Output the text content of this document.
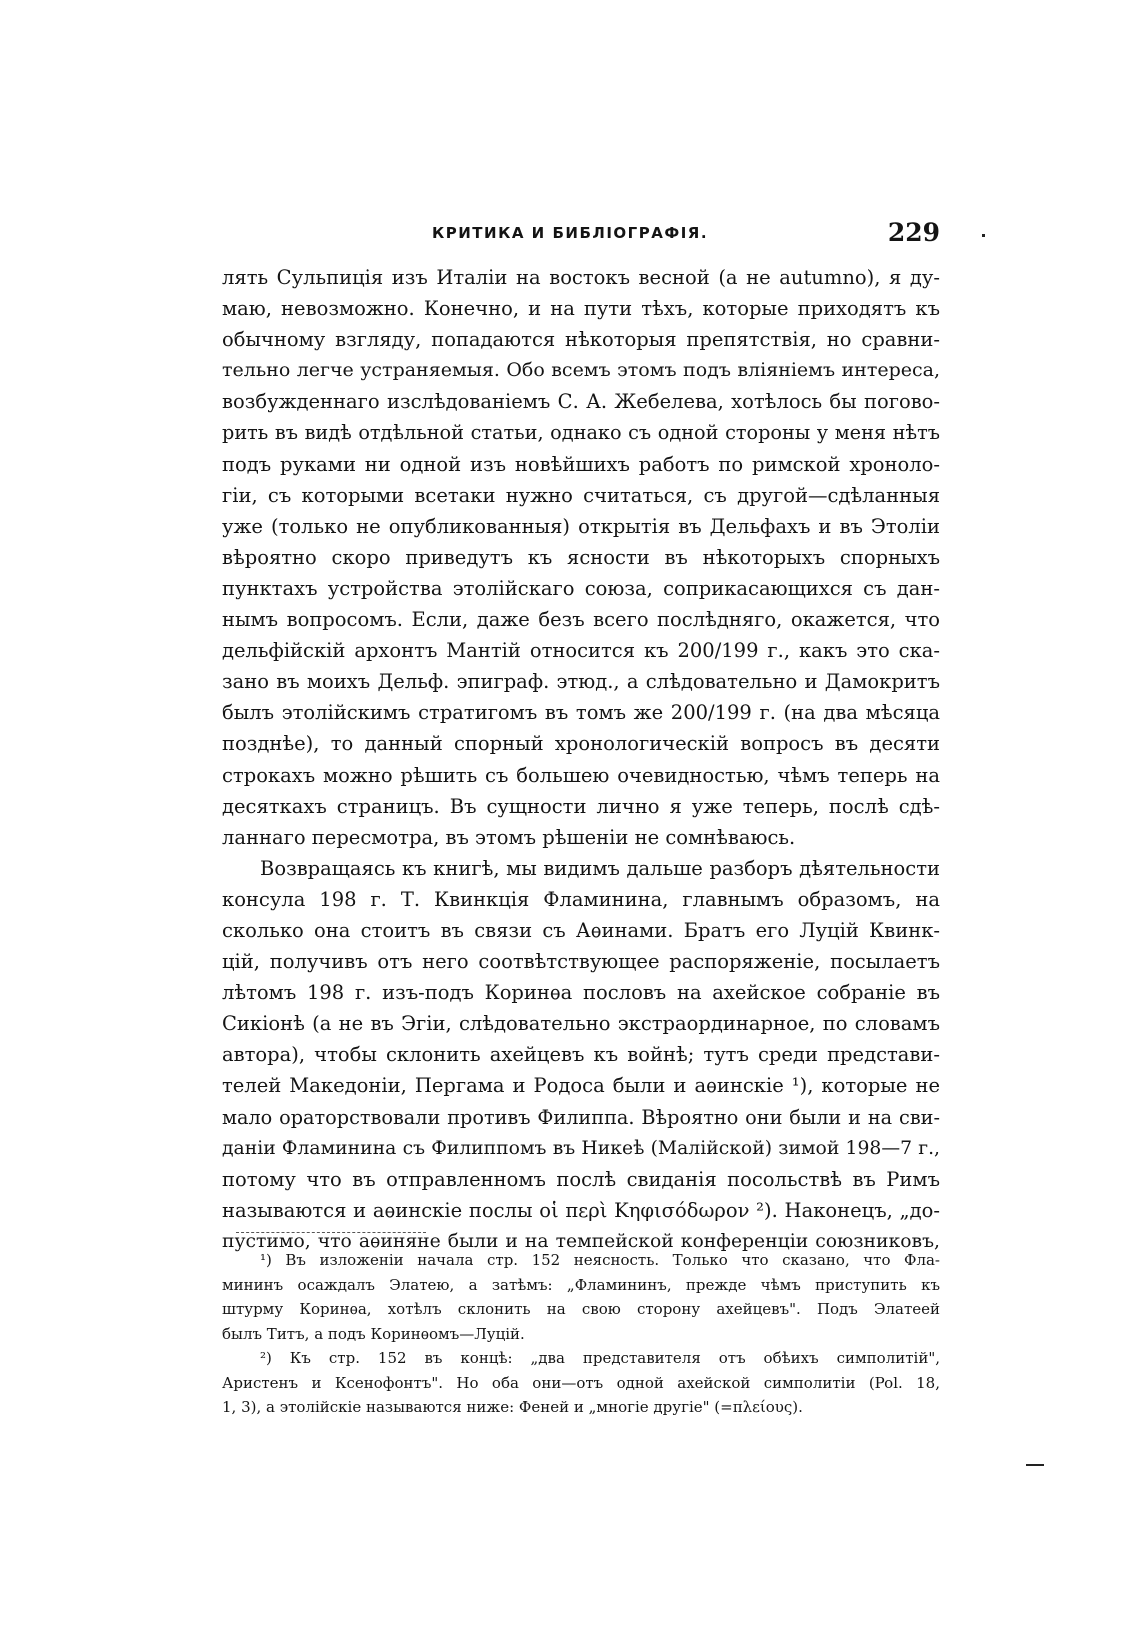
КРИТИКА И БИБЛІОГРАФІЯ.	229
лять Сульпиція изъ Италіи на востокъ весной (а не autumno), я ду-
маю, невозможно. Конечно, и на пути тѣхъ, которые приходятъ къ
обычному взгляду, попадаются нѣкоторыя препятствія, но сравни-
тельно легче устраняемыя. Обо всемъ этомъ подъ вліяніемъ интереса,
возбужденнаго изслѣдованіемъ С. А. Жебелева, хотѣлось бы погово-
рить въ видѣ отдѣльной статьи, однако съ одной стороны у меня нѣтъ
подъ руками ни одной изъ новѣйшихъ работъ по римской хроноло-
гіи, съ которыми всетаки нужно считаться, съ другой—сдѣланныя
уже (только не опубликованныя) открытія въ Дельфахъ и въ Этоліи
вѣроятно скоро приведутъ къ ясности въ нѣкоторыхъ спорныхъ
пунктахъ устройства этолійскаго союза, соприкасающихся съ дан-
нымъ вопросомъ. Если, даже безъ всего послѣдняго, окажется, что
дельфійскій архонтъ Мантій относится къ 200/199 г., какъ это ска-
зано въ моихъ Дельф. эпиграф. этюд., а слѣдовательно и Дамокритъ
былъ этолійскимъ стратигомъ въ томъ же 200/199 г. (на два мѣсяца
позднѣе), то данный спорный хронологическій вопросъ въ десяти
строкахъ можно рѣшить съ большею очевидностью, чѣмъ теперь на
десяткахъ страницъ. Въ сущности лично я уже теперь, послѣ сдѣ-
ланнаго пересмотра, въ этомъ рѣшеніи не сомнѣваюсь.
Возвращаясь къ книгѣ, мы видимъ дальше разборъ дѣятельности
консула 198 г. Т. Квинкція Фламинина, главнымъ образомъ, на
сколько она стоитъ въ связи съ Аѳинами. Братъ его Луцій Квинк-
цій, получивъ отъ него соотвѣтствующее распоряженіе, посылаетъ
лѣтомъ 198 г. изъ-подъ Коринѳа пословъ на ахейское собраніе въ
Сикіонѣ (а не въ Эгіи, слѣдовательно экстраординарное, по словамъ
автора), чтобы склонить ахейцевъ къ войнѣ; тутъ среди представи-
телей Македоніи, Пергама и Родоса были и аѳинскіе ¹), которые не
мало ораторствовали противъ Филиппа. Вѣроятно они были и на сви-
даніи Фламинина съ Филиппомъ въ Никеѣ (Малійской) зимой 198—7 г.,
потому что въ отправленномъ послѣ свиданія посольствѣ въ Римъ
называются и аѳинскіе послы οἱ περὶ Κηφισόδωρον ²). Наконецъ, „до-
пустимо, что аѳиняне были и на темпейской конференціи союзниковъ,
¹) Въ изложеніи начала стр. 152 неясность. Только что сказано, что Фла-
мининъ осаждалъ Элатею, а затѣмъ: „Фламининъ, прежде чѣмъ приступить къ
штурму Коринѳа, хотѣлъ склонить на свою сторону ахейцевъ". Подъ Элатеей
былъ Титъ, а подъ Коринѳомъ—Луцій.
²) Къ стр. 152 въ концѣ: „два представителя отъ обѣихъ симполитій",
Аристенъ и Ксенофонтъ". Но оба они—отъ одной ахейской симполитіи (Pol. 18,
1, 3), а этолійскіе называются ниже: Феней и „многіе другіе" (=πλείους).
